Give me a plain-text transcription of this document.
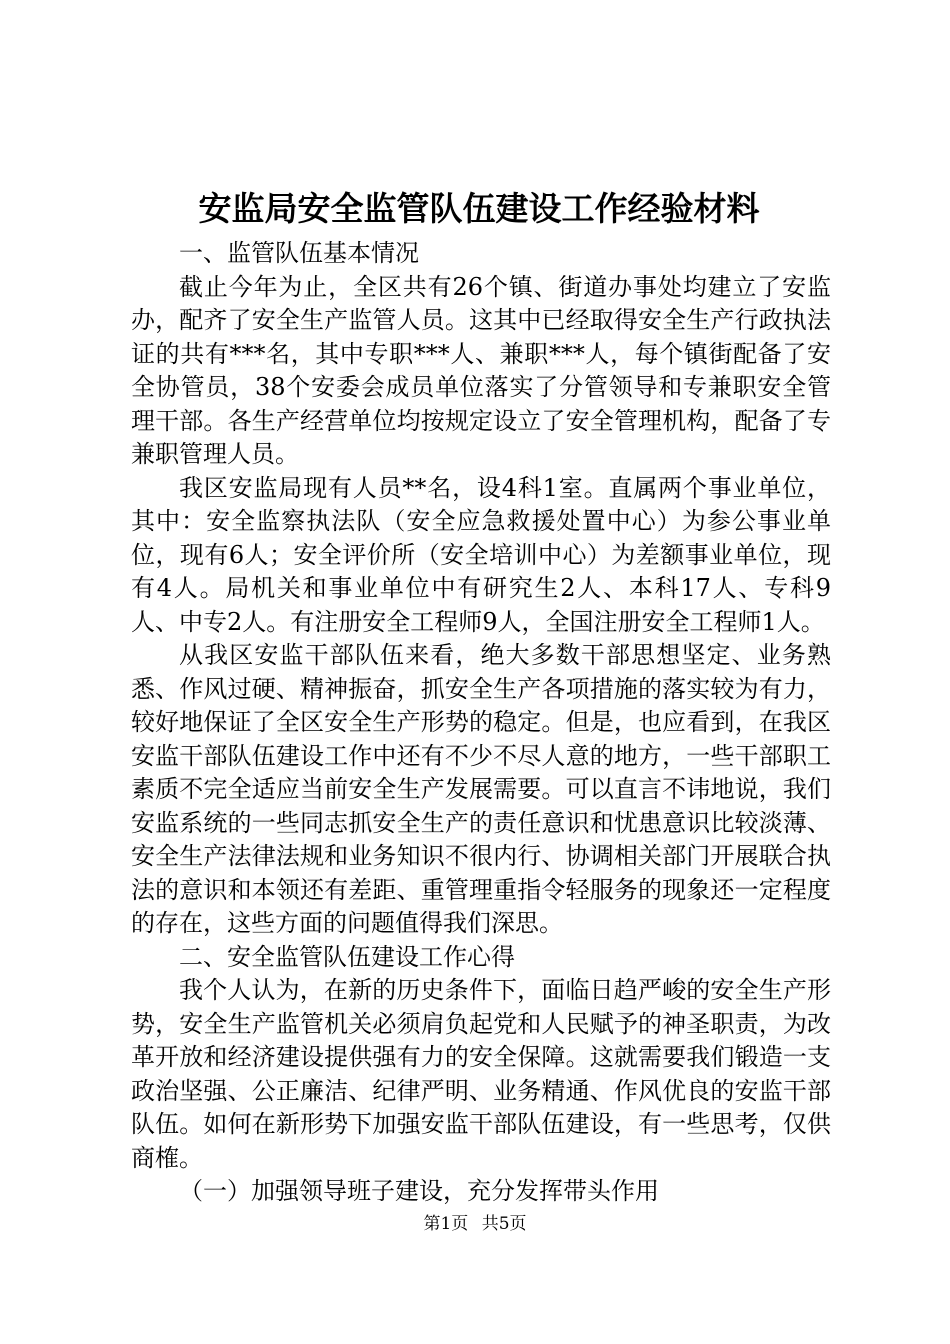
安监局安全监管队伍建设工作经验材料

一、监管队伍基本情况

截止今年为止，全区共有26个镇、街道办事处均建立了安监办，配齐了安全生产监管人员。这其中已经取得安全生产行政执法证的共有***名，其中专职***人、兼职***人，每个镇街配备了安全协管员，38个安委会成员单位落实了分管领导和专兼职安全管理干部。各生产经营单位均按规定设立了安全管理机构，配备了专兼职管理人员。

我区安监局现有人员**名，设4科1室。直属两个事业单位，其中：安全监察执法队（安全应急救援处置中心）为参公事业单位，现有6人；安全评价所（安全培训中心）为差额事业单位，现有4人。局机关和事业单位中有研究生2人、本科17人、专科9人、中专2人。有注册安全工程师9人，全国注册安全工程师1人。

从我区安监干部队伍来看，绝大多数干部思想坚定、业务熟悉、作风过硬、精神振奋，抓安全生产各项措施的落实较为有力，较好地保证了全区安全生产形势的稳定。但是，也应看到，在我区安监干部队伍建设工作中还有不少不尽人意的地方，一些干部职工素质不完全适应当前安全生产发展需要。可以直言不讳地说，我们安监系统的一些同志抓安全生产的责任意识和忧患意识比较淡薄、安全生产法律法规和业务知识不很内行、协调相关部门开展联合执法的意识和本领还有差距、重管理重指令轻服务的现象还一定程度的存在，这些方面的问题值得我们深思。

二、安全监管队伍建设工作心得

我个人认为，在新的历史条件下，面临日趋严峻的安全生产形势，安全生产监管机关必须肩负起党和人民赋予的神圣职责，为改革开放和经济建设提供强有力的安全保障。这就需要我们锻造一支政治坚强、公正廉洁、纪律严明、业务精通、作风优良的安监干部队伍。如何在新形势下加强安监干部队伍建设，有一些思考，仅供商榷。

（一）加强领导班子建设，充分发挥带头作用

第1页 共5页
